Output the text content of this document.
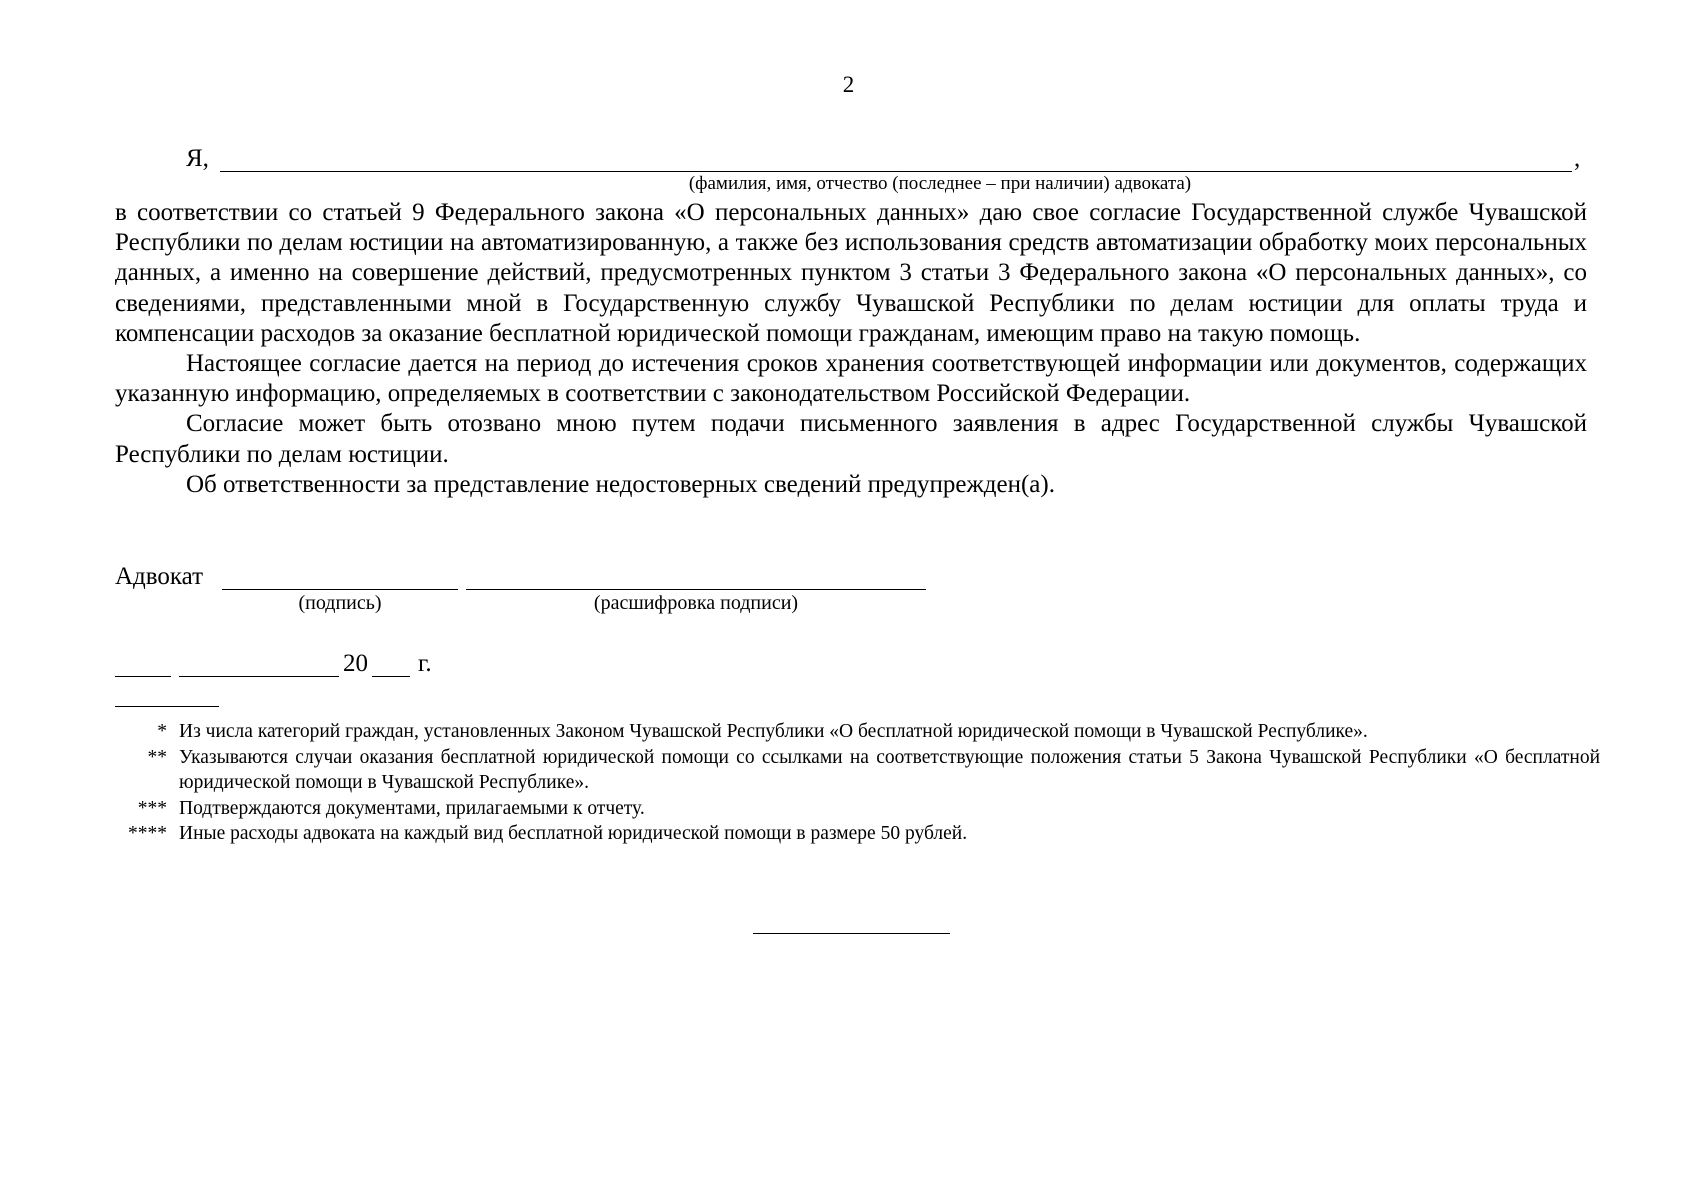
2
Я,	,
(фамилия, имя, отчество (последнее – при наличии) адвоката)

в соответствии со статьей 9 Федерального закона «О персональных данных» даю свое согласие Государственной службе Чувашской Республики по делам юстиции на автоматизированную, а также без использования средств автоматизации обработку моих персональных данных, а именно на совершение действий, предусмотренных пунктом 3 статьи 3 Федерального закона «О персональных данных», со сведениями, представленными мной в Государственную службу Чувашской Республики по делам юстиции для оплаты труда и компенсации расходов за оказание бесплатной юридической помощи гражданам, имеющим право на такую помощь.

Настоящее согласие дается на период до истечения сроков хранения соответствующей информации или документов, содержащих указанную информацию, определяемых в соответствии с законодательством Российской Федерации.

Согласие может быть отозвано мною путем подачи письменного заявления в адрес Государственной службы Чувашской Республики по делам юстиции.

Об ответственности за представление недостоверных сведений предупрежден(а).

Адвокат
(подпись)	(расшифровка подписи)
20 г.
* Из числа категорий граждан, установленных Законом Чувашской Республики «О бесплатной юридической помощи в Чувашской Республике».
** Указываются случаи оказания бесплатной юридической помощи со ссылками на соответствующие положения статьи 5 Закона Чувашской Республики «О бесплатной юридической помощи в Чувашской Республике».
*** Подтверждаются документами, прилагаемыми к отчету.
**** Иные расходы адвоката на каждый вид бесплатной юридической помощи в размере 50 рублей.
